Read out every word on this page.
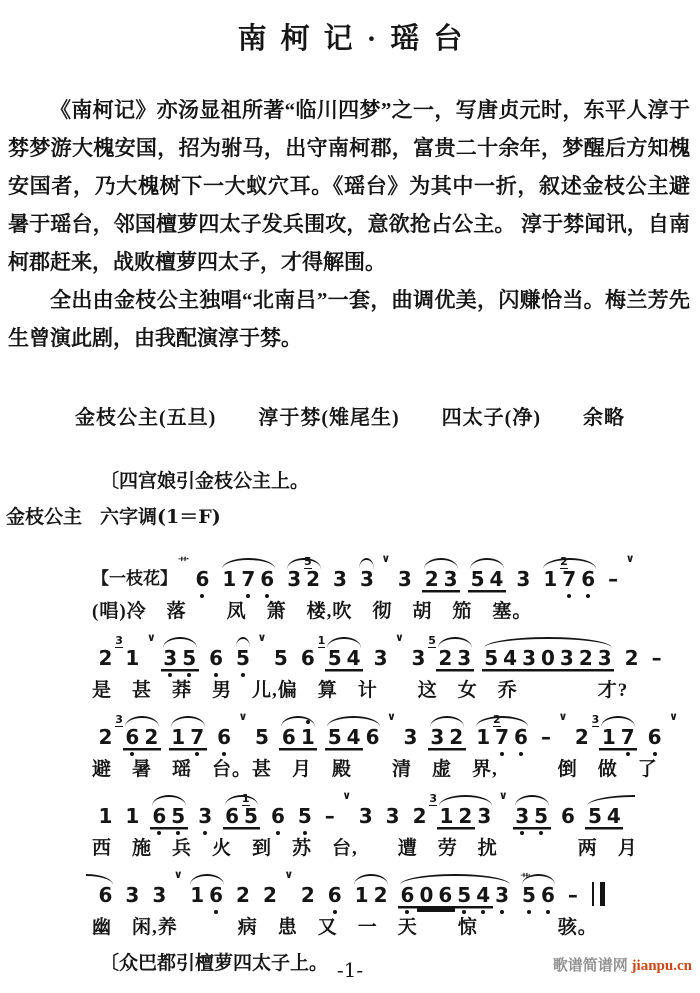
南柯记·瑶台

《南柯记》亦汤显祖所著“临川四梦”之一，写唐贞元时，东平人淳于棼梦游大槐安国，招为驸马，出守南柯郡，富贵二十余年，梦醒后方知槐安国者，乃大槐树下一大蚁穴耳。《瑶台》为其中一折，叙述金枝公主避暑于瑶台，邻国檀萝四太子发兵围攻，意欲抢占公主。 淳于棼闻讯，自南柯郡赶来，战败檀萝四太子，才得解围。

全出由金枝公主独唱“北南吕”一套，曲调优美，闪赚恰当。梅兰芳先生曾演此剧，由我配演淳于棼。

金枝公主(五旦)　　淳于棼(雉尾生)　　四太子(净)　　余略
〔四宫娘引金枝公主上。
金枝公主 六字调(1＝F)
【一枝花】
艹
6 1 7 6 3
5
2 3 3
∨
3 2 3 5 4 3 1
2
7 6 –
∨
(唱)冷　落　　凤　箫　楼,吹　彻　胡　笳　塞。
2
3
1
∨
3 5 6 5
∨
5 6
1
5 4 3
∨
3
5
2 3 5 4 3 0 3 2 3 2 –
是　甚　莽　男　儿,偏　算　计　　这　女　乔　　　　才?
2
3
6 2 1 7 6
∨
5 6 1 5 4 6
∨
3 3 2 1
2
7 6 –
∨
2
3
1 7 6
∨
避　暑　瑶　台。甚　月　殿　　清　虚　界,　　　倒　做　了
1 1 6 5 3 6
1
5 6 5 –
∨
3 3 2
3
1 2 3
∨
3 5 6 5 4
西　施　兵　火　到　苏　台,　　遭　劳　扰　　　　两　月
6 3 3
∨
1 6 2 2
∨
2 6 1 2 6 0 6 5 4 3 5
艹
6 –
幽　闲,养　　　病　患　又　一　天　　惊　　　　骇。
〔众巴都引檀萝四太子上。 -1-	歌谱简谱网 jianpu.cn
